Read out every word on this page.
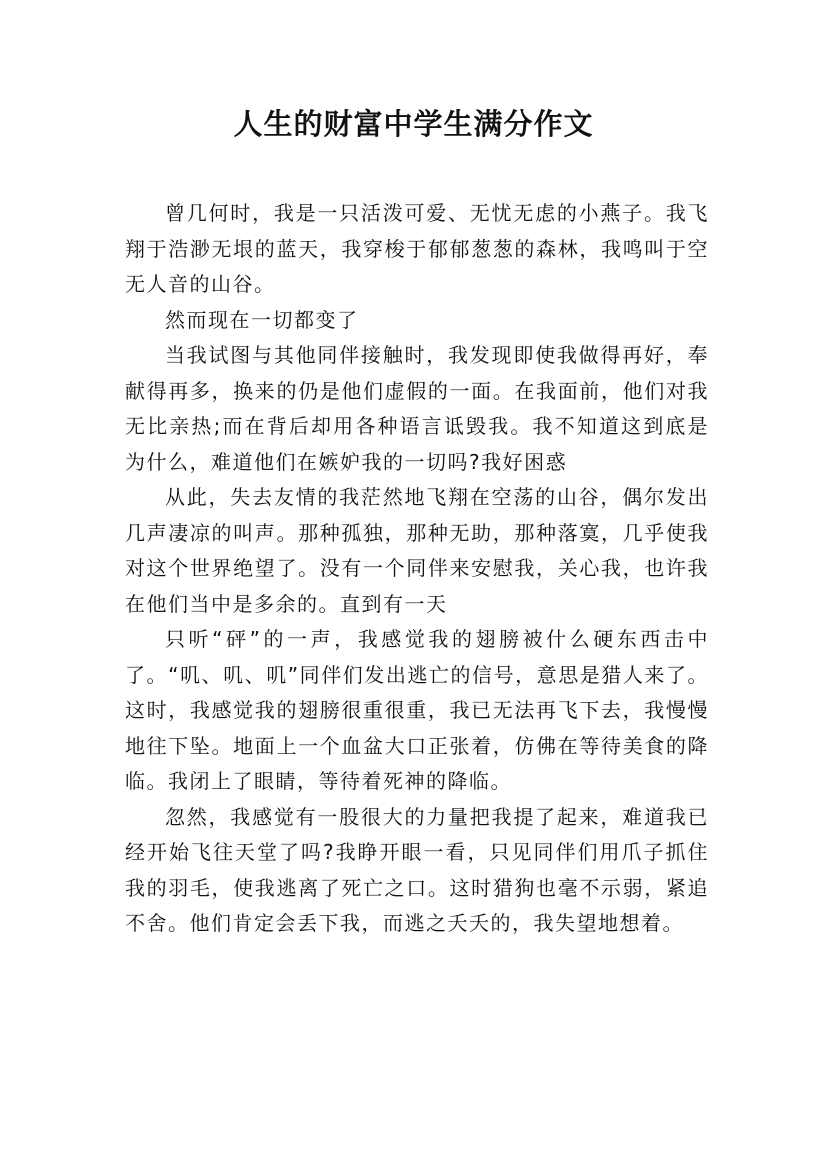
人生的财富中学生满分作文

曾几何时，我是一只活泼可爱、无忧无虑的小燕子。我飞翔于浩渺无垠的蓝天，我穿梭于郁郁葱葱的森林，我鸣叫于空无人音的山谷。

然而现在一切都变了

当我试图与其他同伴接触时，我发现即使我做得再好，奉献得再多，换来的仍是他们虚假的一面。在我面前，他们对我无比亲热;而在背后却用各种语言诋毁我。我不知道这到底是为什么，难道他们在嫉妒我的一切吗?我好困惑

从此，失去友情的我茫然地飞翔在空荡的山谷，偶尔发出几声凄凉的叫声。那种孤独，那种无助，那种落寞，几乎使我对这个世界绝望了。没有一个同伴来安慰我，关心我，也许我在他们当中是多余的。直到有一天

只听“砰”的一声，我感觉我的翅膀被什么硬东西击中了。“叽、叽、叽”同伴们发出逃亡的信号，意思是猎人来了。这时，我感觉我的翅膀很重很重，我已无法再飞下去，我慢慢地往下坠。地面上一个血盆大口正张着，仿佛在等待美食的降临。我闭上了眼睛，等待着死神的降临。

忽然，我感觉有一股很大的力量把我提了起来，难道我已经开始飞往天堂了吗?我睁开眼一看，只见同伴们用爪子抓住我的羽毛，使我逃离了死亡之口。这时猎狗也毫不示弱，紧追不舍。他们肯定会丢下我，而逃之夭夭的，我失望地想着。
